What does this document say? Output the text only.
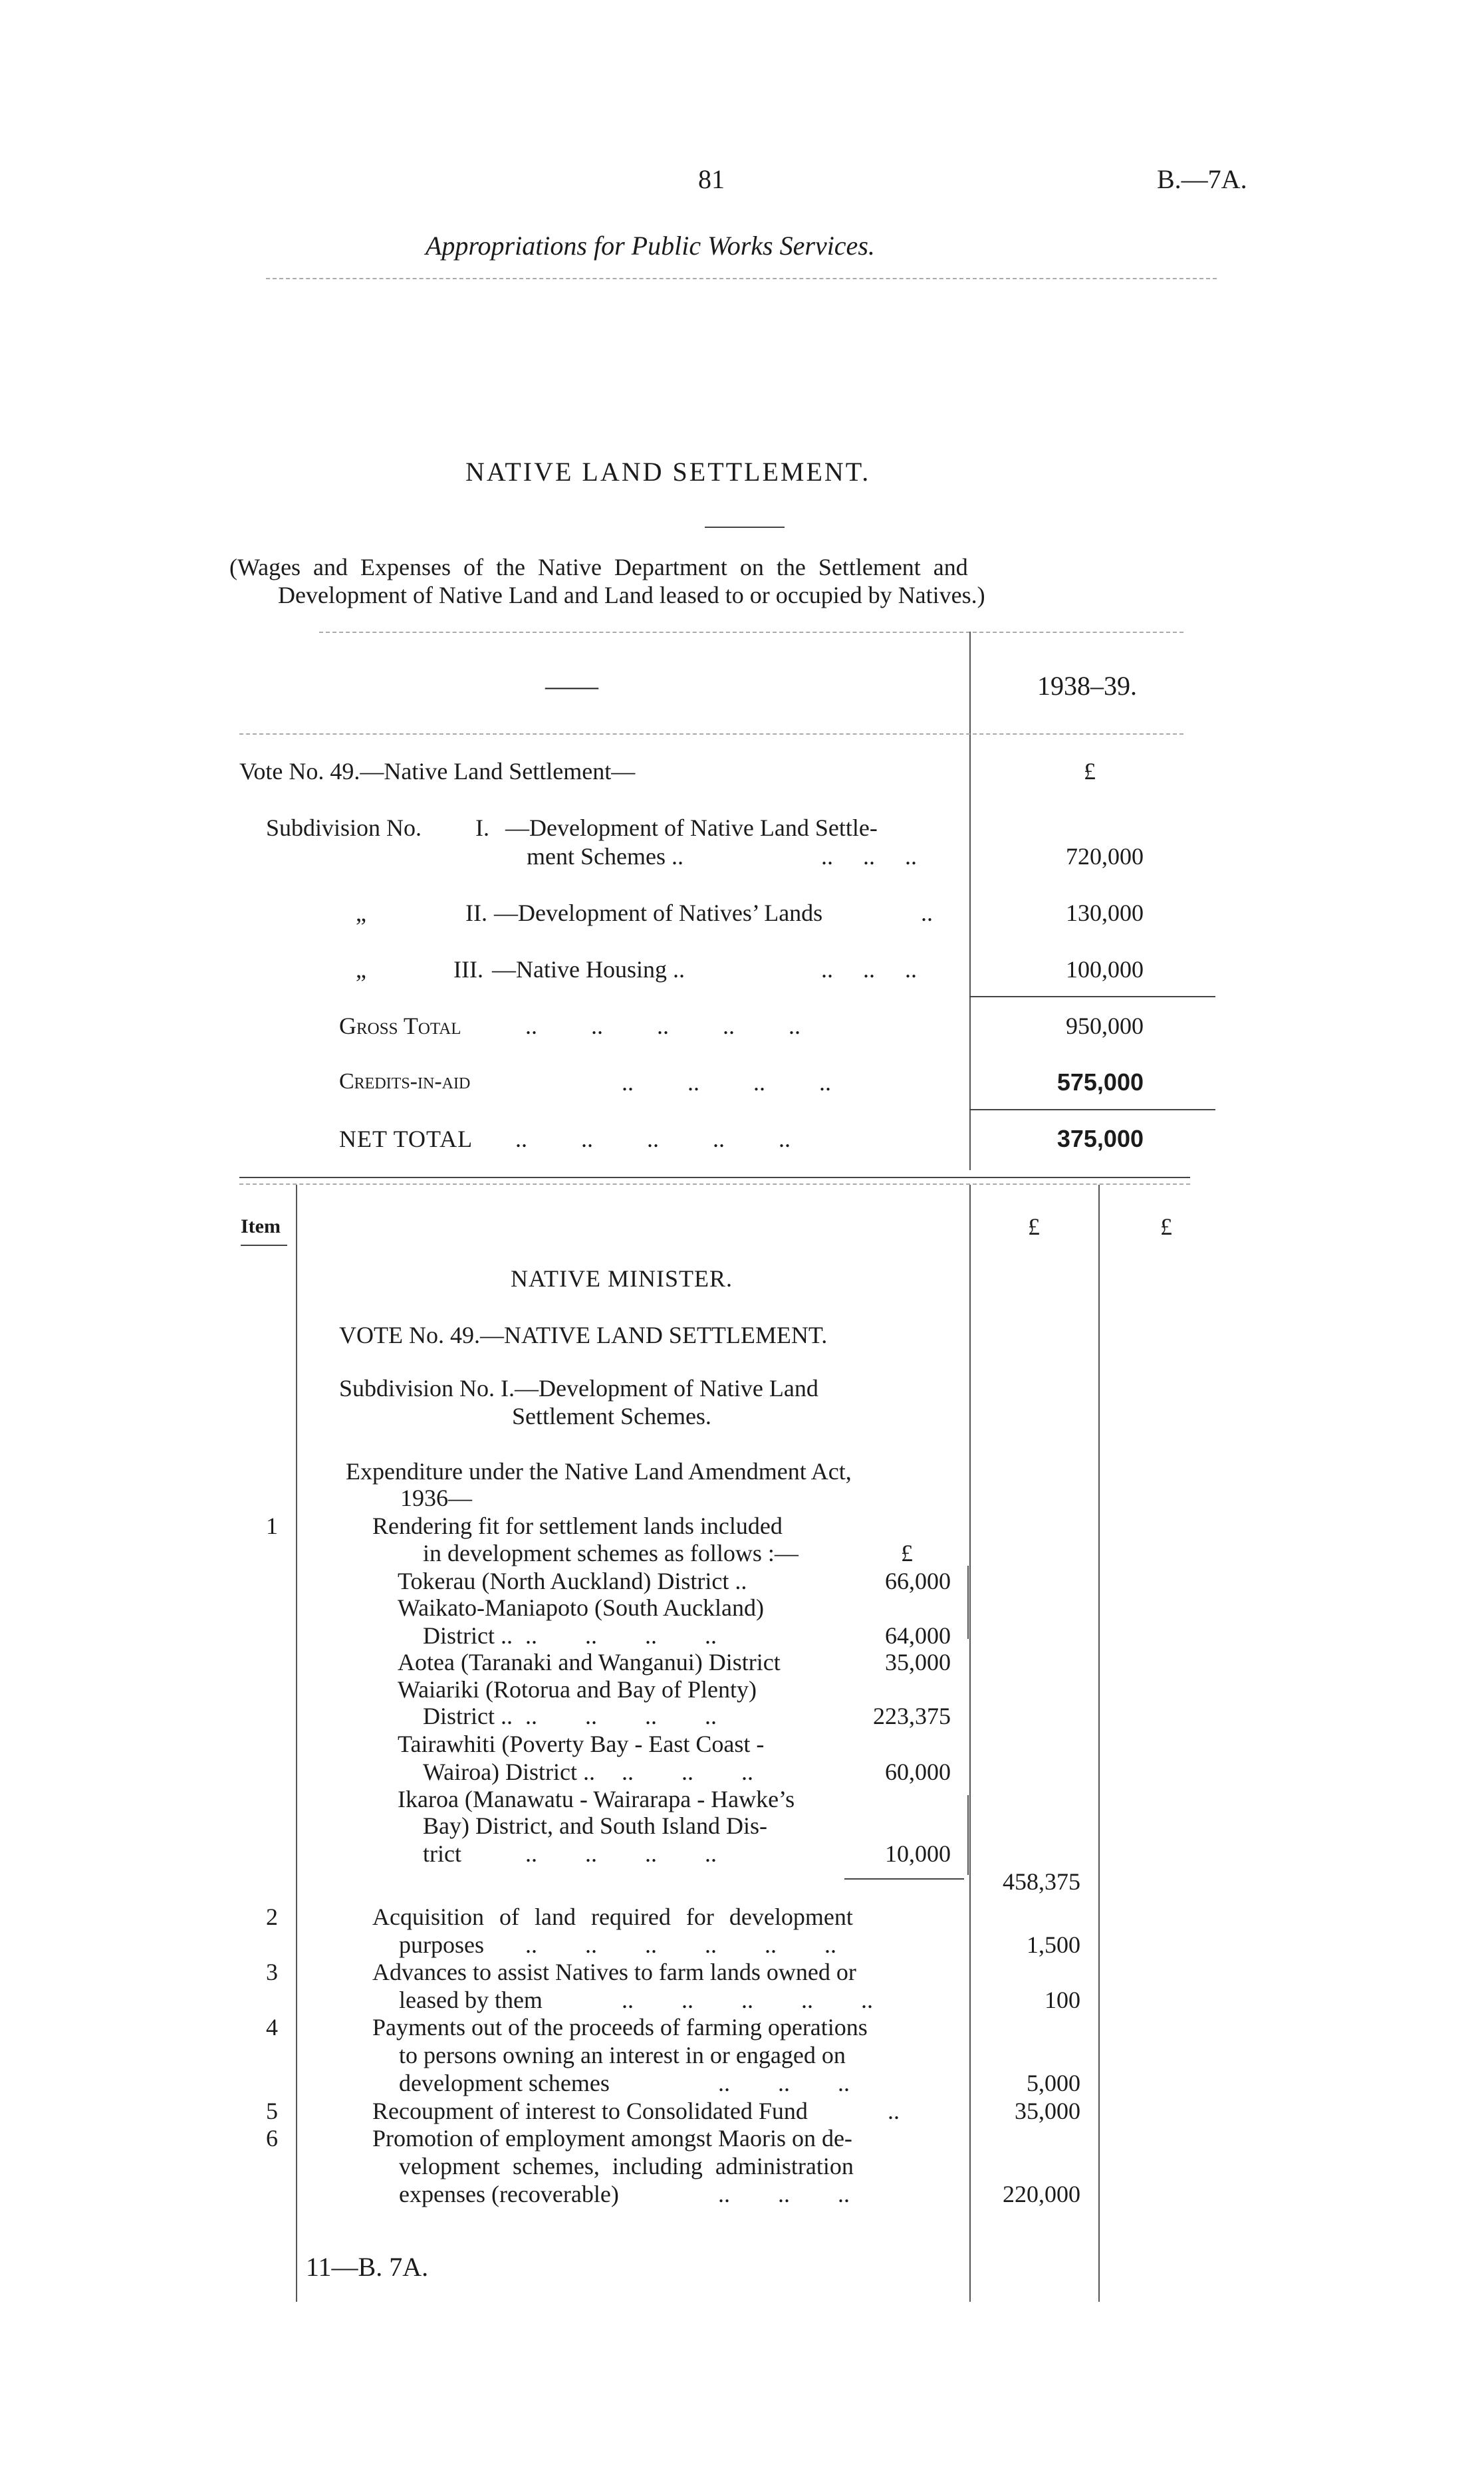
81	B.—7A.
Appropriations for Public Works Services.
NATIVE LAND SETTLEMENT.
(Wages and Expenses of the Native Department on the Settlement and
Development of Native Land and Land leased to or occupied by Natives.)
——	1938–39.
Vote No. 49.—Native Land Settlement—	£
Subdivision No. I. —Development of Native Land Settle-
ment Schemes ..	..     ..     ..	720,000
„	II. —Development of Natives’ Lands	..	130,000
„	III. —Native Housing ..	..     ..     ..	100,000
Gross Total	..         ..         ..         ..         ..	950,000
Credits-in-aid	..         ..         ..         ..	575,000
NET TOTAL ..         ..         ..         ..         ..	375,000
Item	£	£
NATIVE MINISTER.
VOTE No. 49.—NATIVE LAND SETTLEMENT.
Subdivision No. I.—Development of Native Land
Settlement Schemes.
Expenditure under the Native Land Amendment Act,
1936—
1	Rendering fit for settlement lands included
in development schemes as follows :—	£
Tokerau (North Auckland) District ..	66,000
Waikato-Maniapoto (South Auckland)
District .. ..        ..        ..        ..	64,000
Aotea (Taranaki and Wanganui) District	35,000
Waiariki (Rotorua and Bay of Plenty)
District .. ..        ..        ..        ..	223,375
Tairawhiti (Poverty Bay - East Coast -
Wairoa) District .. ..        ..        ..	60,000
Ikaroa (Manawatu - Wairarapa - Hawke’s
Bay) District, and South Island Dis-
trict	..        ..        ..        ..	10,000
458,375
2	Acquisition of land required for development
purposes ..        ..        ..        ..        ..        ..	1,500
3	Advances to assist Natives to farm lands owned or
leased by them	..        ..        ..        ..        ..	100
4	Payments out of the proceeds of farming operations
to persons owning an interest in or engaged on
development schemes	..        ..        ..	5,000
5	Recoupment of interest to Consolidated Fund	..	35,000
6	Promotion of employment amongst Maoris on de-
velopment schemes, including administration
expenses (recoverable)	..        ..        ..	220,000
11—B. 7A.
